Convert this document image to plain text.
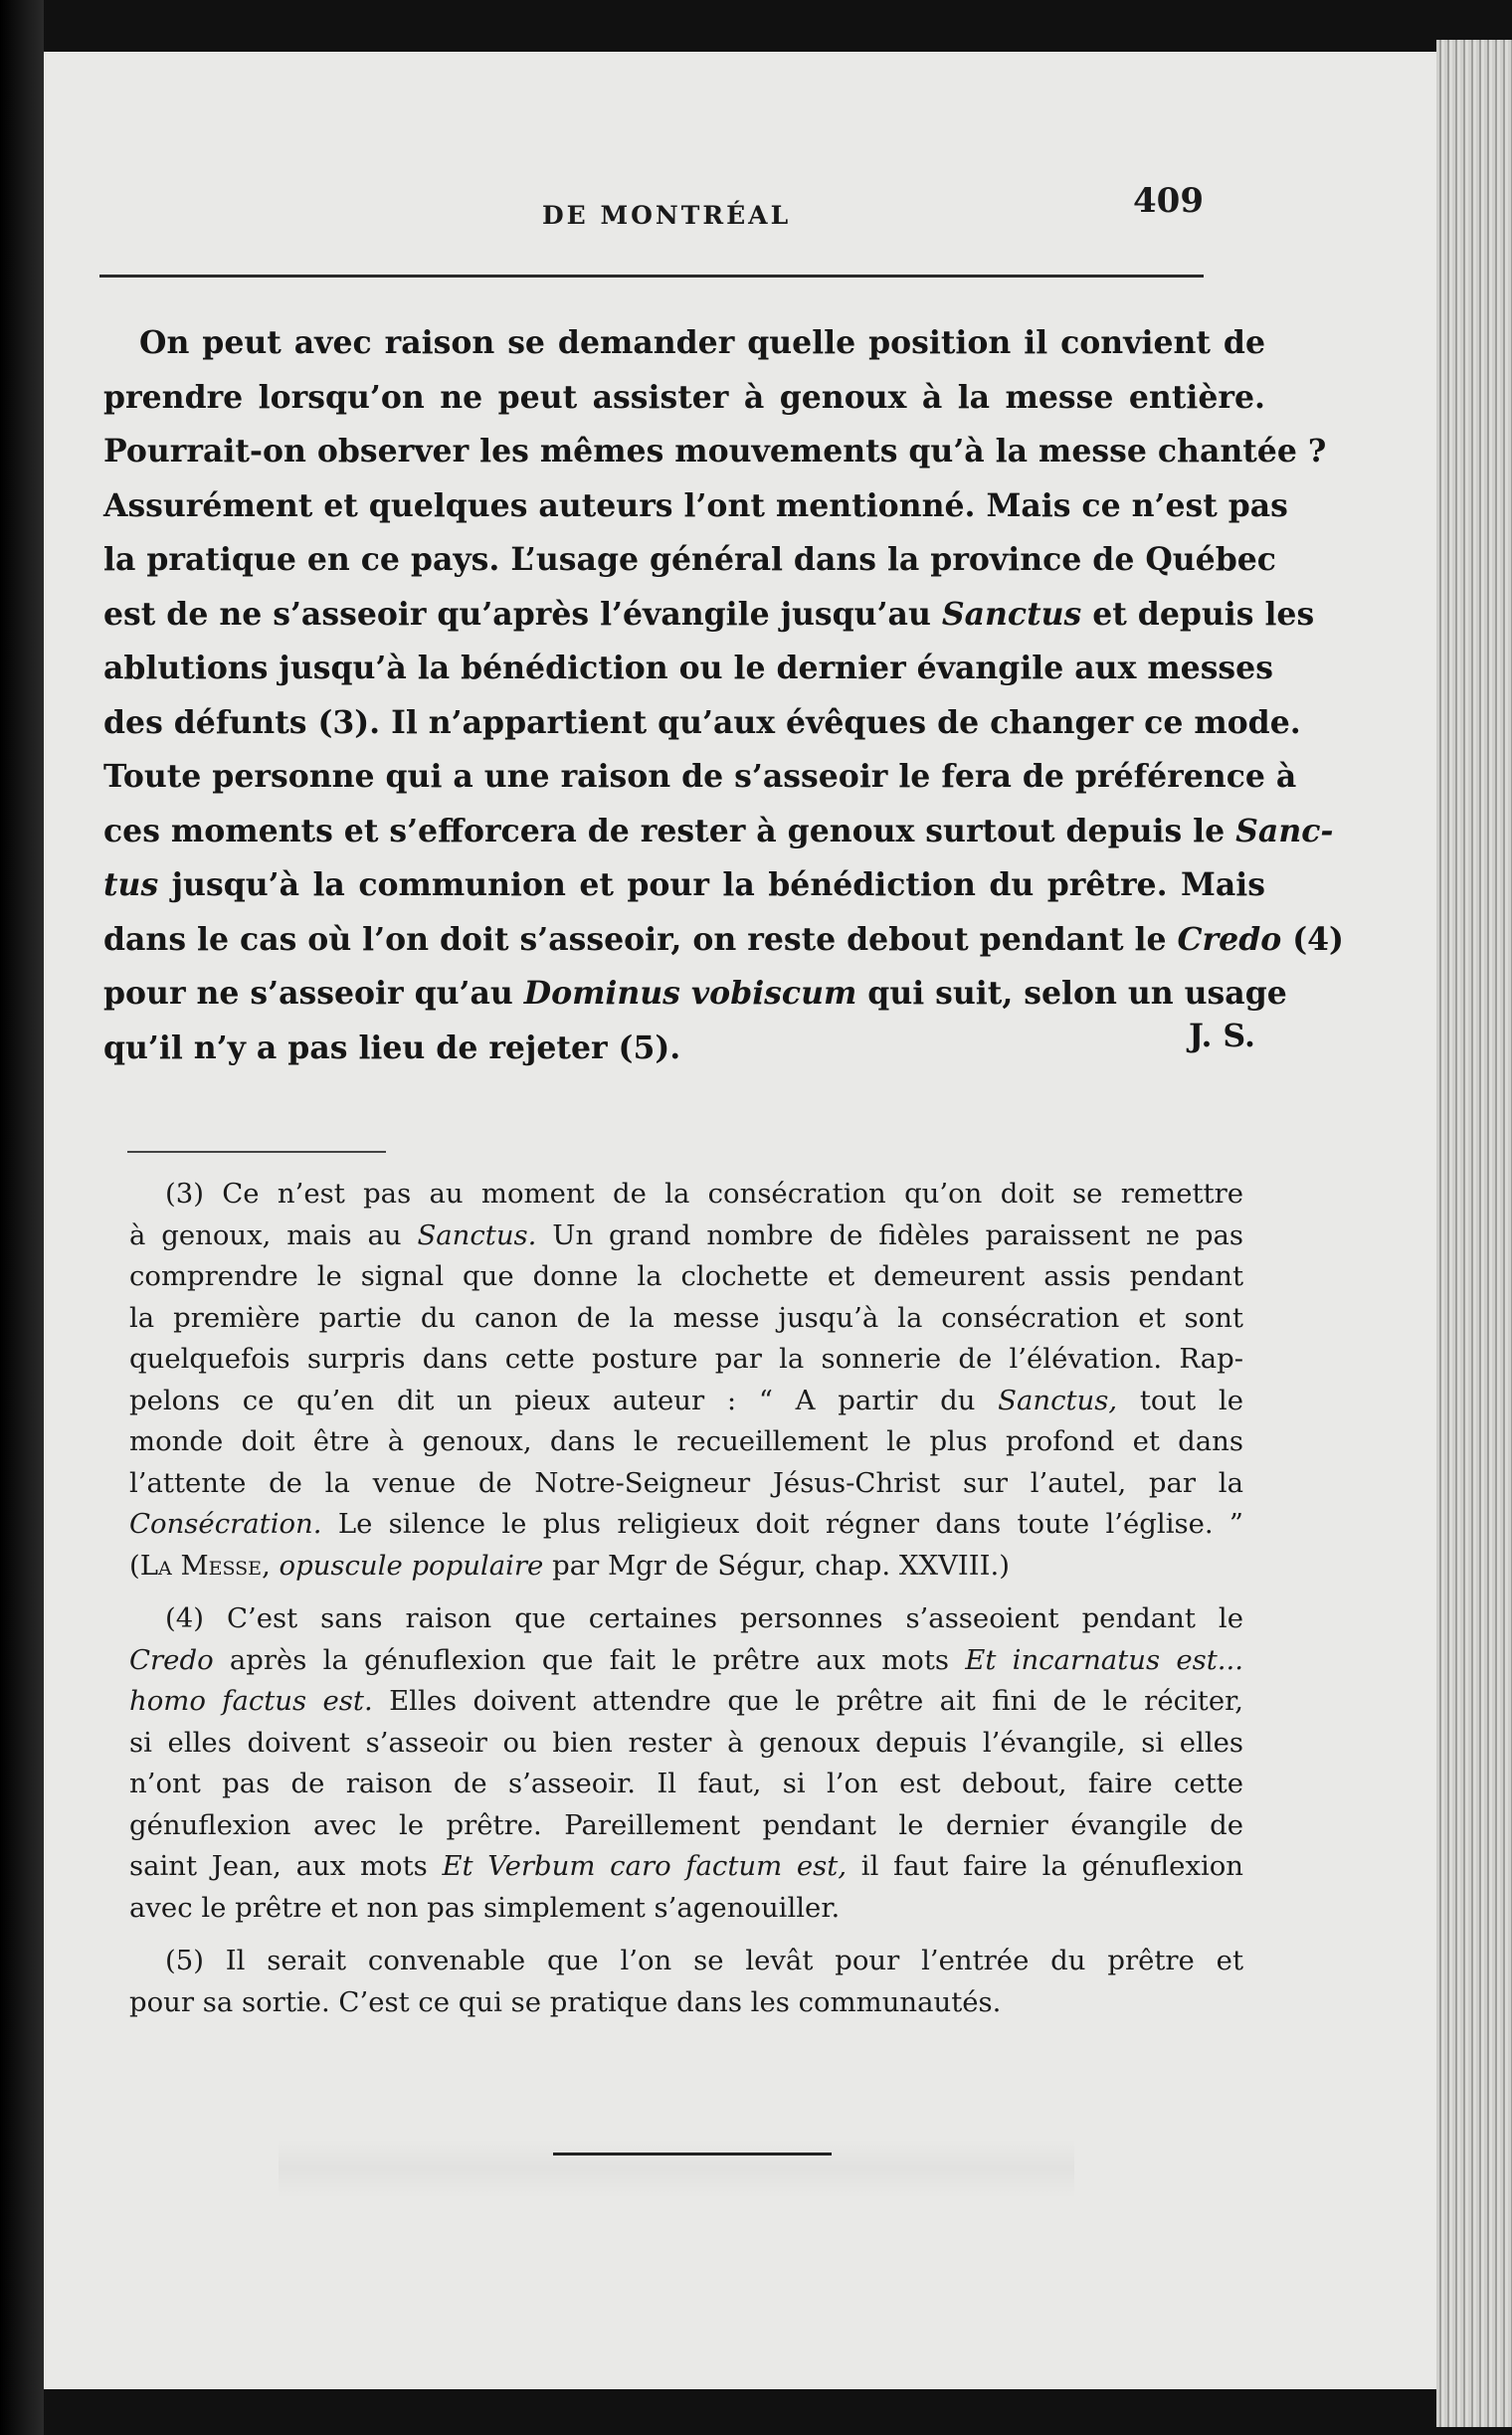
DE MONTRÉAL	409
On peut avec raison se demander quelle position il convient de
prendre lorsqu’on ne peut assister à genoux à la messe entière.
Pourrait-on observer les mêmes mouvements qu’à la messe chantée ?
Assurément et quelques auteurs l’ont mentionné. Mais ce n’est pas
la pratique en ce pays. L’usage général dans la province de Québec
est de ne s’asseoir qu’après l’évangile jusqu’au Sanctus et depuis les
ablutions jusqu’à la bénédiction ou le dernier évangile aux messes
des défunts (3). Il n’appartient qu’aux évêques de changer ce mode.
Toute personne qui a une raison de s’asseoir le fera de préférence à
ces moments et s’efforcera de rester à genoux surtout depuis le Sanc-
tus jusqu’à la communion et pour la bénédiction du prêtre. Mais
dans le cas où l’on doit s’asseoir, on reste debout pendant le Credo (4)
pour ne s’asseoir qu’au Dominus vobiscum qui suit, selon un usage
qu’il n’y a pas lieu de rejeter (5).	J. S.
(3) Ce n’est pas au moment de la consécration qu’on doit se remettre
à genoux, mais au Sanctus. Un grand nombre de fidèles paraissent ne pas
comprendre le signal que donne la clochette et demeurent assis pendant
la première partie du canon de la messe jusqu’à la consécration et sont
quelquefois surpris dans cette posture par la sonnerie de l’élévation. Rap-
pelons ce qu’en dit un pieux auteur : “ A partir du Sanctus, tout le
monde doit être à genoux, dans le recueillement le plus profond et dans
l’attente de la venue de Notre-Seigneur Jésus-Christ sur l’autel, par la
Consécration. Le silence le plus religieux doit régner dans toute l’église. ”
(La Messe, opuscule populaire par Mgr de Ségur, chap. XXVIII.)
(4) C’est sans raison que certaines personnes s’asseoient pendant le
Credo après la génuflexion que fait le prêtre aux mots Et incarnatus est...
homo factus est. Elles doivent attendre que le prêtre ait fini de le réciter,
si elles doivent s’asseoir ou bien rester à genoux depuis l’évangile, si elles
n’ont pas de raison de s’asseoir. Il faut, si l’on est debout, faire cette
génuflexion avec le prêtre. Pareillement pendant le dernier évangile de
saint Jean, aux mots Et Verbum caro factum est, il faut faire la génuflexion
avec le prêtre et non pas simplement s’agenouiller.
(5) Il serait convenable que l’on se levât pour l’entrée du prêtre et
pour sa sortie. C’est ce qui se pratique dans les communautés.
